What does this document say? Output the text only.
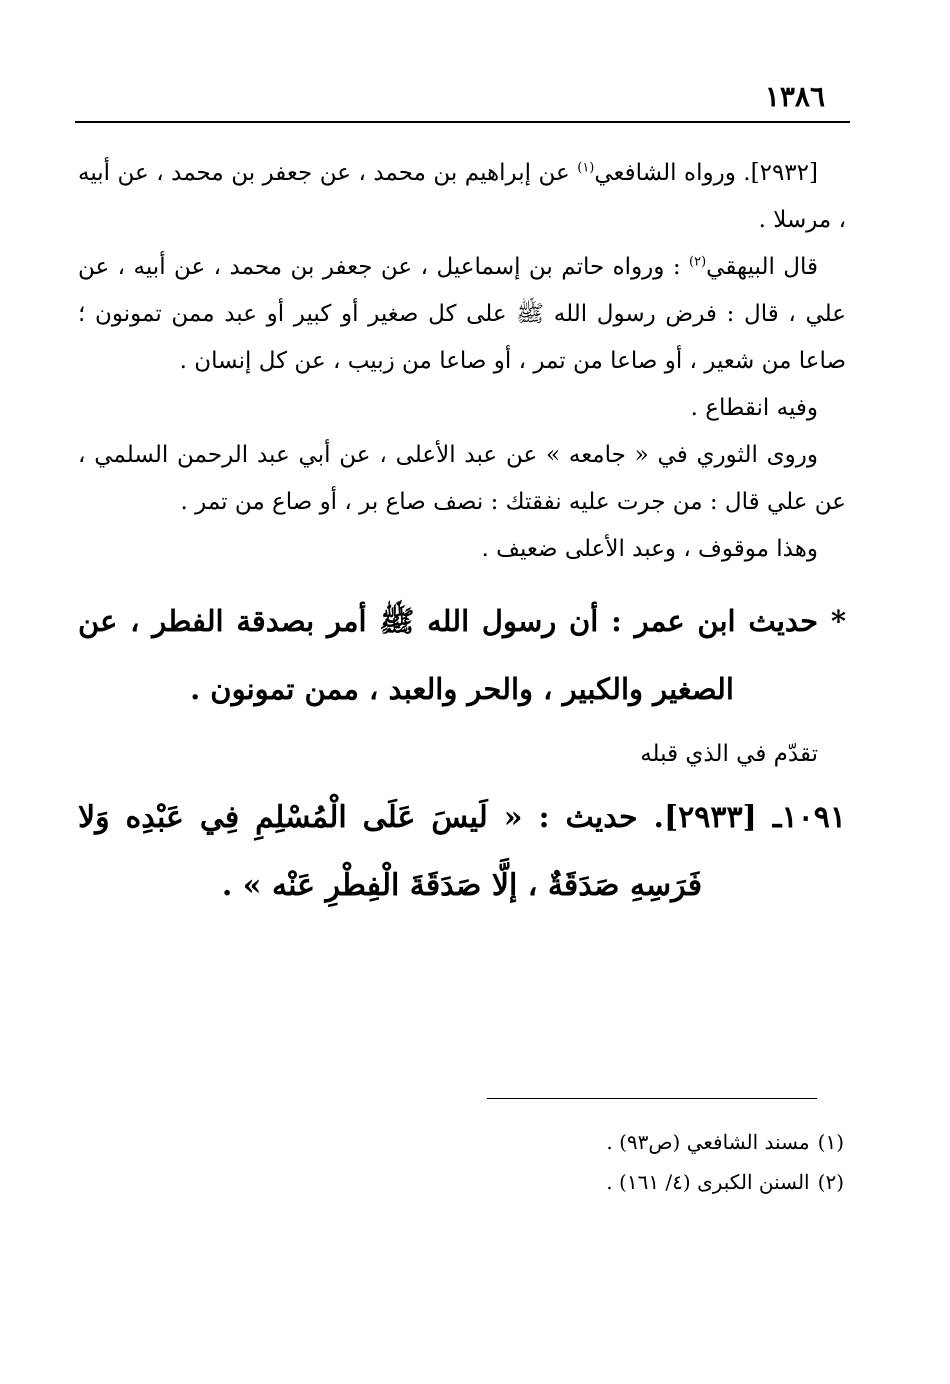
١٣٨٦

[٢٩٣٢]. ورواه الشافعي$^{(١)}$ عن إبراهيم بن محمد ، عن جعفر بن محمد ، عن أبيه ، مرسلا .

قال البيهقي$^{(٢)}$ : ورواه حاتم بن إسماعيل ، عن جعفر بن محمد ، عن أبيه ، عن علي ، قال : فرض رسول الله ﷺ على كل صغير أو كبير أو عبد ممن تمونون ؛ صاعا من شعير ، أو صاعا من تمر ، أو صاعا من زبيب ، عن كل إنسان .

وفيه انقطاع .

وروى الثوري في « جامعه » عن عبد الأعلى ، عن أبي عبد الرحمن السلمي ، عن علي قال : من جرت عليه نفقتك : نصف صاع بر ، أو صاع من تمر .

وهذا موقوف ، وعبد الأعلى ضعيف .

* حديث ابن عمر : أن رسول الله ﷺ أمر بصدقة الفطر ، عن الصغير والكبير ، والحر والعبد ، ممن تمونون .

تقدّم في الذي قبله

١٠٩١ـ [٢٩٣٣]. حديث : « لَيسَ عَلَى الْمُسْلِمِ فِي عَبْدِه وَلا فَرَسِهِ صَدَقَةٌ ، إلَّا صَدَقَةَ الْفِطْرِ عَنْه » .

(١)مسند الشافعي (ص٩٣) .

(٢)السنن الكبرى (٤/ ١٦١) .
